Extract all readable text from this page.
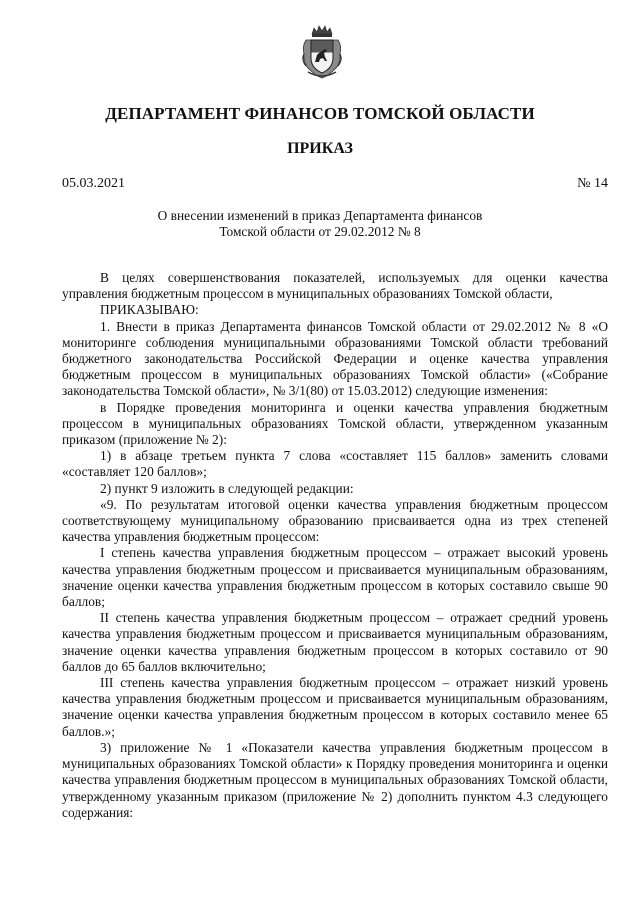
ДЕПАРТАМЕНТ ФИНАНСОВ ТОМСКОЙ ОБЛАСТИ
ПРИКАЗ
05.03.2021	№ 14
О внесении изменений в приказ Департамента финансов
Томской области от 29.02.2012 № 8

В целях совершенствования показателей, используемых для оценки качества управления бюджетным процессом в муниципальных образованиях Томской области,

ПРИКАЗЫВАЮ:

1. Внести в приказ Департамента финансов Томской области от 29.02.2012 № 8 «О мониторинге соблюдения муниципальными образованиями Томской области требований бюджетного законодательства Российской Федерации и оценке качества управления бюджетным процессом в муниципальных образованиях Томской области» («Собрание законодательства Томской области», № 3/1(80) от 15.03.2012) следующие изменения:

в Порядке проведения мониторинга и оценки качества управления бюджетным процессом в муниципальных образованиях Томской области, утвержденном указанным приказом (приложение № 2):

1) в абзаце третьем пункта 7 слова «составляет 115 баллов» заменить словами «составляет 120 баллов»;

2) пункт 9 изложить в следующей редакции:

«9. По результатам итоговой оценки качества управления бюджетным процессом соответствующему муниципальному образованию присваивается одна из трех степеней качества управления бюджетным процессом:

I степень качества управления бюджетным процессом – отражает высокий уровень качества управления бюджетным процессом и присваивается муниципальным образованиям, значение оценки качества управления бюджетным процессом в которых составило свыше 90 баллов;

II степень качества управления бюджетным процессом – отражает средний уровень качества управления бюджетным процессом и присваивается муниципальным образованиям, значение оценки качества управления бюджетным процессом в которых составило от 90 баллов до 65 баллов включительно;

III степень качества управления бюджетным процессом – отражает низкий уровень качества управления бюджетным процессом и присваивается муниципальным образованиям, значение оценки качества управления бюджетным процессом в которых составило менее 65 баллов.»;

3) приложение № 1 «Показатели качества управления бюджетным процессом в муниципальных образованиях Томской области» к Порядку проведения мониторинга и оценки качества управления бюджетным процессом в муниципальных образованиях Томской области, утвержденному указанным приказом (приложение № 2) дополнить пунктом 4.3 следующего содержания:
